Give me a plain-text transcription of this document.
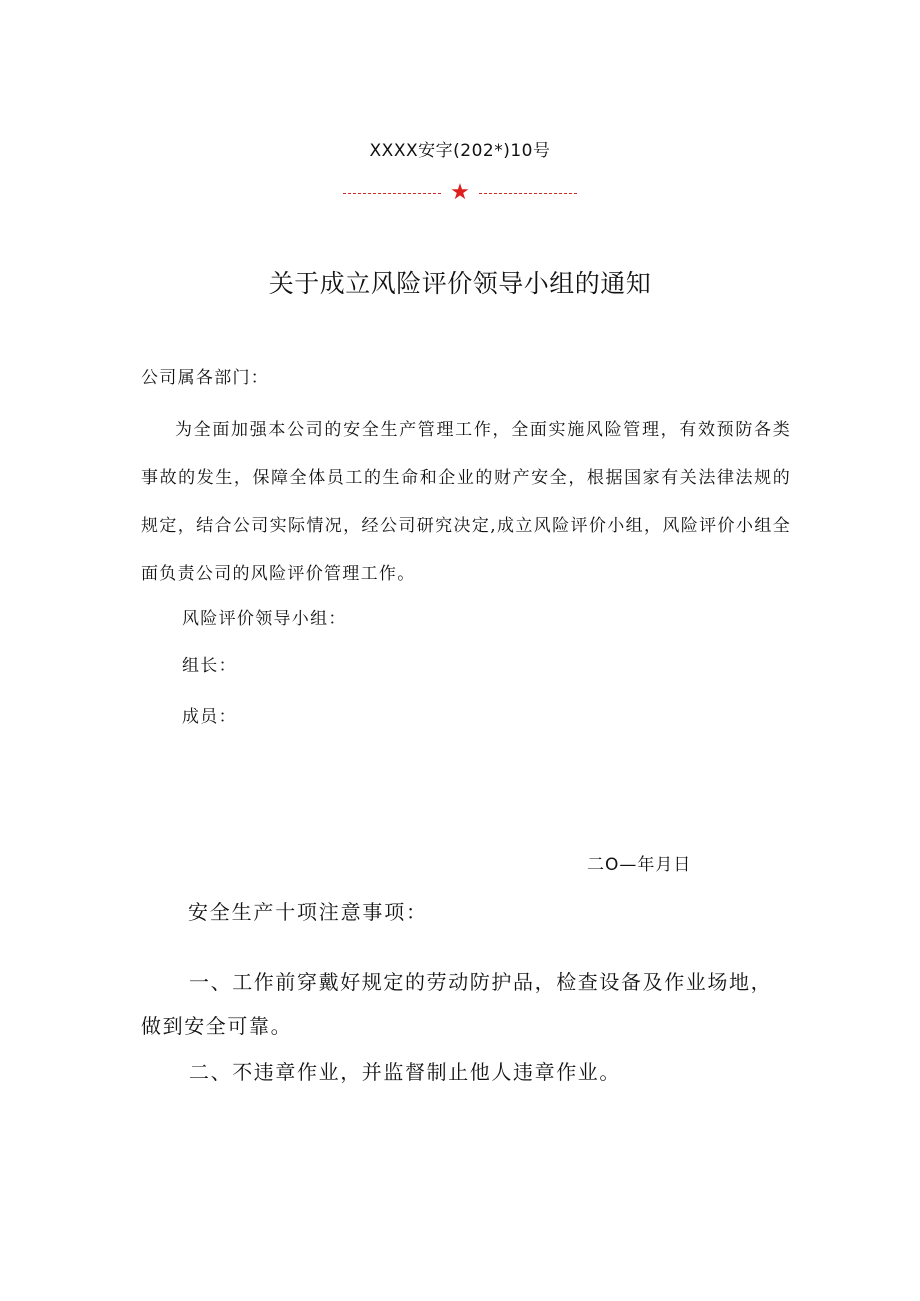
XXXX安字(202*)10号
★
关于成立风险评价领导小组的通知
公司属各部门：

为全面加强本公司的安全生产管理工作，全面实施风险管理，有效预防各类事故的发生，保障全体员工的生命和企业的财产安全，根据国家有关法律法规的规定，结合公司实际情况，经公司研究决定,成立风险评价小组，风险评价小组全面负责公司的风险评价管理工作。

风险评价领导小组：
组长：
成员：
二O—年月日
安全生产十项注意事项：

一、工作前穿戴好规定的劳动防护品，检查设备及作业场地，做到安全可靠。

二、不违章作业，并监督制止他人违章作业。
